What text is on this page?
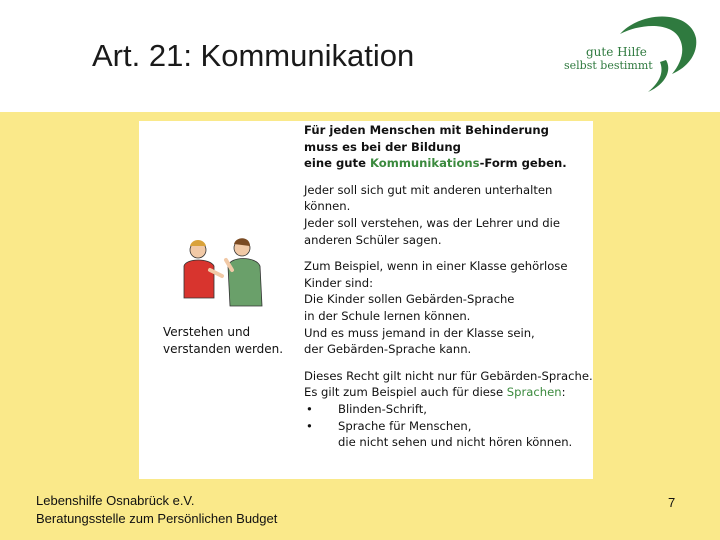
Art. 21: Kommunikation	gute Hilfe
selbst bestimmt
Verstehen und
verstanden werden.
Für jeden Menschen mit Behinderung
muss es bei der Bildung
eine gute Kommunikations-Form geben.
Jeder soll sich gut mit anderen unterhalten
können.
Jeder soll verstehen, was der Lehrer und die
anderen Schüler sagen.
Zum Beispiel, wenn in einer Klasse gehörlose
Kinder sind:
Die Kinder sollen Gebärden-Sprache
in der Schule lernen können.
Und es muss jemand in der Klasse sein,
der Gebärden-Sprache kann.
Dieses Recht gilt nicht nur für Gebärden-Sprache.
Es gilt zum Beispiel auch für diese Sprachen:
• Blinden-Schrift,
• Sprache für Menschen,
die nicht sehen und nicht hören können.
Lebenshilfe Osnabrück e.V.
Beratungsstelle zum Persönlichen Budget
7
